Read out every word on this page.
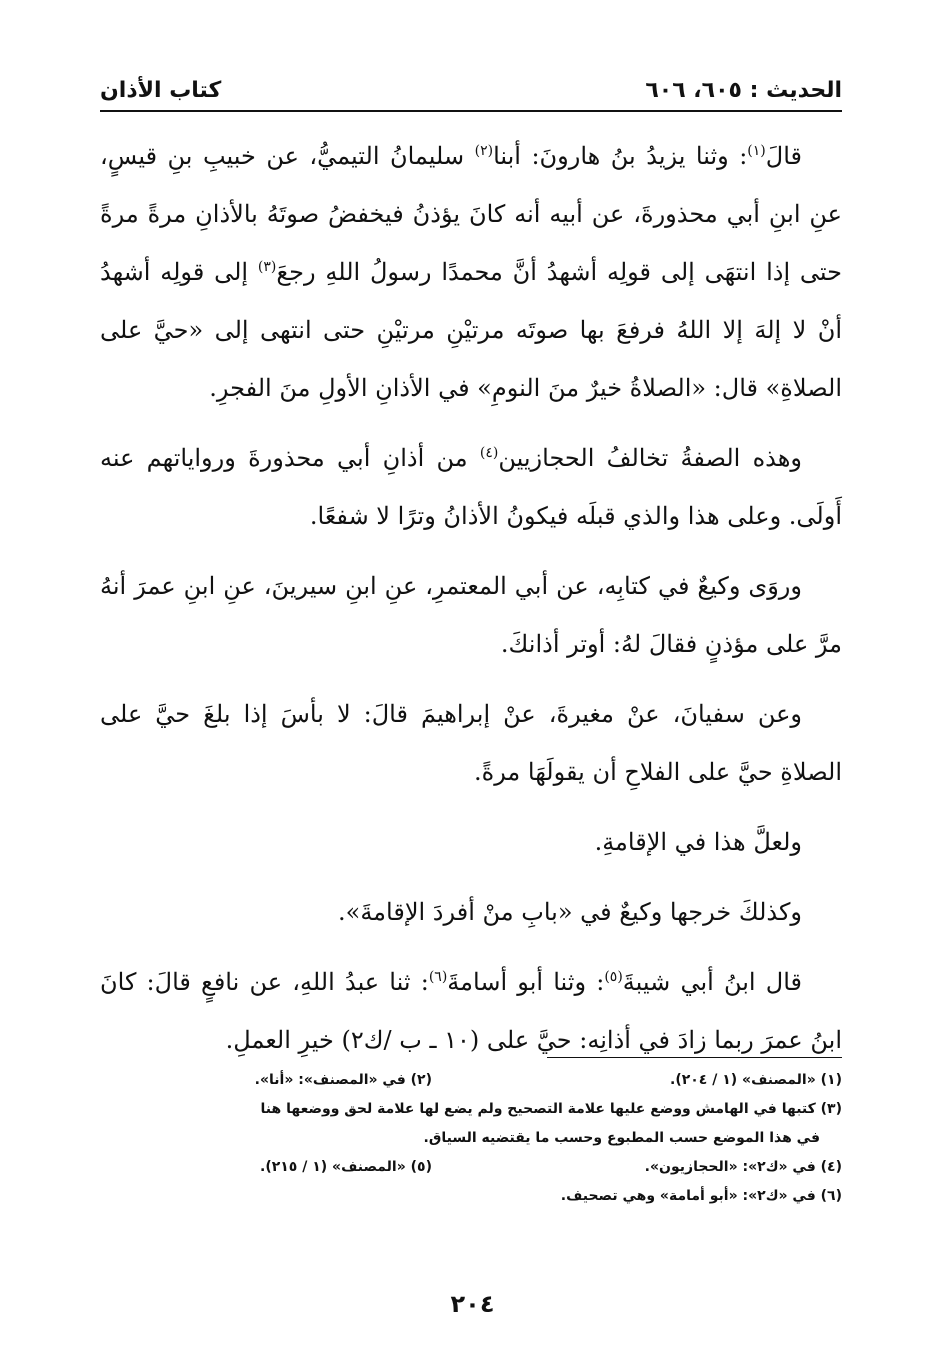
الحديث : ٦٠٥، ٦٠٦
كتاب الأذان

قالَ$^{(١)}$: وثنا يزيدُ بنُ هارونَ: أبنا$^{(٢)}$ سليمانُ التيميُّ، عن خبيبِ بنِ قيسٍ، عنِ ابنِ أبي محذورةَ، عن أبيه أنه كانَ يؤذنُ فيخفضُ صوتَهُ بالأذانِ مرةً مرةً حتى إذا انتهَى إلى قولِه أشهدُ أنَّ محمدًا رسولُ اللهِ رجعَ$^{(٣)}$ إلى قولِه أشهدُ أنْ لا إلهَ إلا اللهُ فرفعَ بها صوتَه مرتيْنِ مرتيْنِ حتى انتهى إلى «حيَّ على الصلاةِ» قال: «الصلاةُ خيرٌ منَ النومِ» في الأذانِ الأولِ منَ الفجرِ.

وهذه الصفةُ تخالفُ الحجازيين$^{(٤)}$ من أذانِ أبي محذورةَ ورواياتهم عنه أَولَى. وعلى هذا والذي قبلَه فيكونُ الأذانُ وترًا لا شفعًا.

وروَى وكيعٌ في كتابِه، عن أبي المعتمرِ، عنِ ابنِ سيرينَ، عنِ ابنِ عمرَ أنهُ مرَّ على مؤذنٍ فقالَ لهُ: أوتر أذانكَ.

وعن سفيانَ، عنْ مغيرةَ، عنْ إبراهيمَ قالَ: لا بأسَ إذا بلغَ حيَّ على الصلاةِ حيَّ على الفلاحِ أن يقولَهَا مرةً.

ولعلَّ هذا في الإقامةِ.

وكذلكَ خرجها وكيعٌ في «بابِ منْ أفردَ الإقامةَ».

قال ابنُ أبي شيبةَ$^{(٥)}$: وثنا أبو أسامةَ$^{(٦)}$: ثنا عبدُ اللهِ، عن نافعٍ قالَ: كانَ ابنُ عمرَ ربما زادَ في أذانِه: حيَّ على (١٠ ـ ب /ك٢) خيرِ العملِ.

(١) «المصنف» (١ / ٢٠٤).
(٢) في «المصنف»: «أنا».
(٣) كتبها في الهامش ووضع عليها علامة التصحيح ولم يضع لها علامة لحق ووضعها هنا
في هذا الموضع حسب المطبوع وحسب ما يقتضيه السياق.
(٤) في «ك٢»: «الحجازيون».
(٥) «المصنف» (١ / ٢١٥).
(٦) في «ك٢»: «أبو أمامة» وهي تصحيف.
٢٠٤
